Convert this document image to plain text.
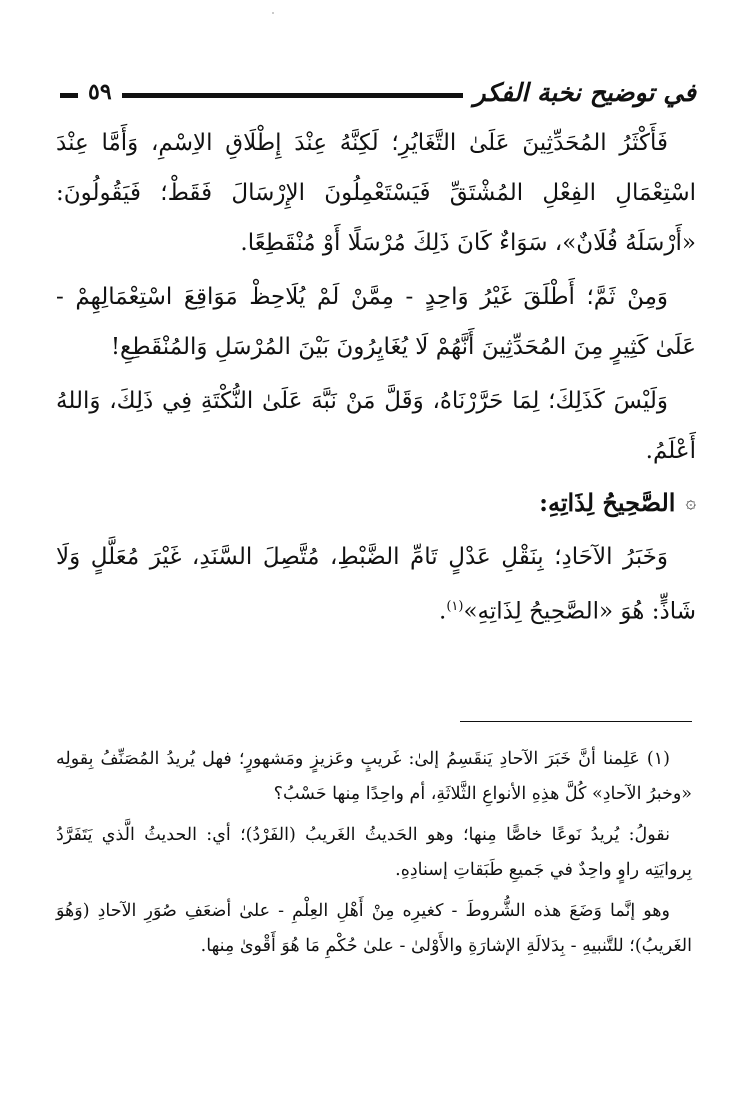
في توضيح نخبة الفكر
٥٩

فَأَكْثَرُ المُحَدِّثِينَ عَلَىٰ التَّغَايُرِ؛ لَكِنَّهُ عِنْدَ إِطْلَاقِ الاِسْمِ، وَأَمَّا عِنْدَ اسْتِعْمَالِ الفِعْلِ المُشْتَقِّ فَيَسْتَعْمِلُونَ الإِرْسَالَ فَقَطْ؛ فَيَقُولُونَ: «أَرْسَلَهُ فُلَانٌ»، سَوَاءٌ كَانَ ذَلِكَ مُرْسَلًا أَوْ مُنْقَطِعًا.

وَمِنْ ثَمَّ؛ أَطْلَقَ غَيْرُ وَاحِدٍ - مِمَّنْ لَمْ يُلَاحِظْ مَوَاقِعَ اسْتِعْمَالِهِمْ - عَلَىٰ كَثِيرٍ مِنَ المُحَدِّثِينَ أَنَّهُمْ لَا يُغَايِرُونَ بَيْنَ المُرْسَلِ وَالمُنْقَطِعِ!

وَلَيْسَ كَذَلِكَ؛ لِمَا حَرَّرْنَاهُ، وَقَلَّ مَنْ نَبَّهَ عَلَىٰ النُّكْتَةِ فِي ذَلِكَ، وَاللهُ أَعْلَمُ.

۞
الصَّحِيحُ لِذَاتِهِ:

وَخَبَرُ الآحَادِ؛ بِنَقْلِ عَدْلٍ تَامِّ الضَّبْطِ، مُتَّصِلَ السَّنَدِ، غَيْرَ مُعَلَّلٍ وَلَا شَاذٍّ: هُوَ «الصَّحِيحُ لِذَاتِهِ»$^{(١)}$.

(١) عَلِمنا أنَّ خَبَرَ الآحادِ يَنقَسِمُ إلىٰ: غَريبٍ وعَزيزٍ ومَشهورٍ؛ فهل يُريدُ المُصَنِّفُ بِقولِه «وخبرُ الآحادِ» كُلَّ هذِهِ الأنواعِ الثَّلاثَةِ، أم واحِدًا مِنها حَسْبُ؟

نقولُ: يُريدُ نَوعًا خاصًّا مِنها؛ وهو الحَديثُ الغَريبُ (الفَرْدُ)؛ أي: الحديثُ الَّذي يَتَفَرَّدُ بِروايَتِه راوٍ واحِدٌ في جَميعِ طَبَقاتِ إسنادِهِ.

وهو إنَّما وَضَعَ هذه الشُّروطَ - كغيرِه مِنْ أَهْلِ العِلْمِ - علىٰ أضعَفِ صُوَرِ الآحادِ (وَهُوَ الغَريبُ)؛ للتَّنبيهِ - بِدَلالَةِ الإشارَةِ والأَوْلىٰ - علىٰ حُكْمِ مَا هُوَ أَقْوىٰ مِنها.
